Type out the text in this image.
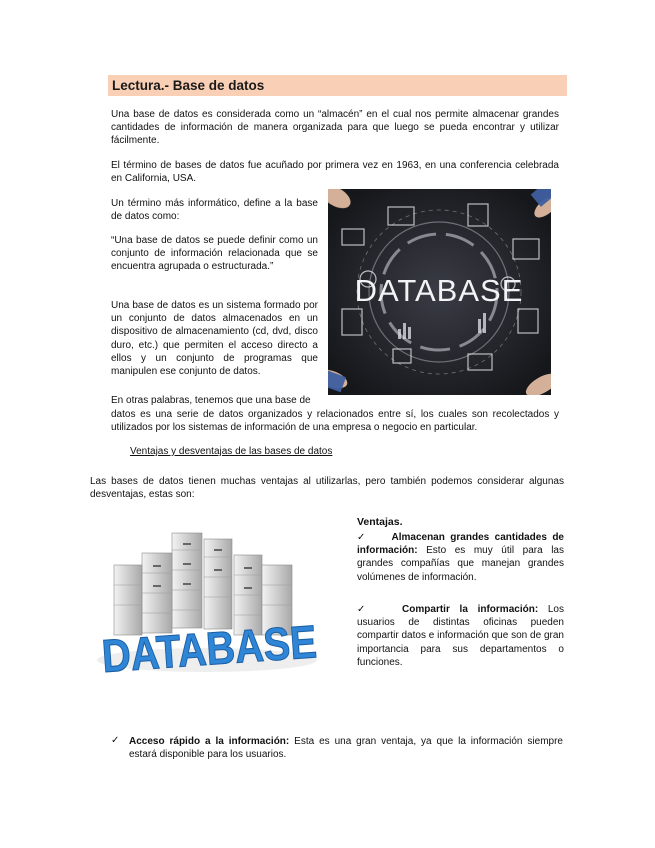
Lectura.- Base de datos
Una base de datos es considerada como un “almacén” en el cual nos permite almacenar grandes cantidades de información de manera organizada para que luego se pueda encontrar y utilizar fácilmente.
El término de bases de datos fue acuñado por primera vez en 1963, en una conferencia celebrada en California, USA.
Un término más informático, define a la base de datos como:
“Una base de datos se puede definir como un conjunto de información relacionada que se encuentra agrupada o estructurada.”
Una base de datos es un sistema formado por un conjunto de datos almacenados en un dispositivo de almacenamiento (cd, dvd, disco duro, etc.) que permiten el acceso directo a ellos y un conjunto de programas que manipulen ese conjunto de datos.
En otras palabras, tenemos que una base de
datos es una serie de datos organizados y relacionados entre sí, los cuales son recolectados y utilizados por los sistemas de información de una empresa o negocio en particular.
DATABASE
Ventajas y desventajas de las bases de datos
Las bases de datos tienen muchas ventajas al utilizarlas, pero también podemos considerar algunas desventajas, estas son:
DATABASE
Ventajas.
✓ Almacenan grandes cantidades de información: Esto es muy útil para las grandes compañías que manejan grandes volúmenes de información.
✓	Compartir la información: Los usuarios de distintas oficinas pueden compartir datos e información que son de gran importancia para sus departamentos o funciones.
✓ Acceso rápido a la información: Esta es una gran ventaja, ya que la información siempre estará disponible para los usuarios.
